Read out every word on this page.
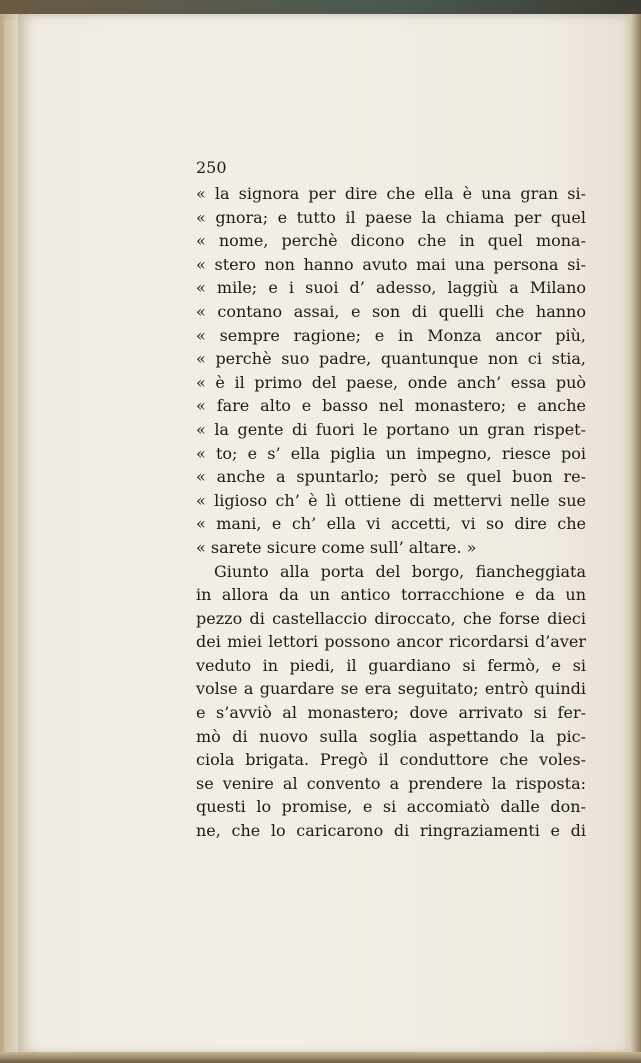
250
« la signora per dire che ella è una gran si-
« gnora; e tutto il paese la chiama per quel
« nome, perchè dicono che in quel mona-
« stero non hanno avuto mai una persona si-
« mile; e i suoi d’ adesso, laggiù a Milano
« contano assai, e son di quelli che hanno
« sempre ragione; e in Monza ancor più,
« perchè suo padre, quantunque non ci stia,
« è il primo del paese, onde anch’ essa può
« fare alto e basso nel monastero; e anche
« la gente di fuori le portano un gran rispet-
« to; e s’ ella piglia un impegno, riesce poi
« anche a spuntarlo; però se quel buon re-
« ligioso ch’ è lì ottiene di mettervi nelle sue
« mani, e ch’ ella vi accetti, vi so dire che
« sarete sicure come sull’ altare. »
Giunto alla porta del borgo, fiancheggiata
in allora da un antico torracchione e da un
pezzo di castellaccio diroccato, che forse dieci
dei miei lettori possono ancor ricordarsi d’aver
veduto in piedi, il guardiano si fermò, e si
volse a guardare se era seguitato; entrò quindi
e s’avviò al monastero; dove arrivato si fer-
mò di nuovo sulla soglia aspettando la pic-
ciola brigata. Pregò il conduttore che voles-
se venire al convento a prendere la risposta:
questi lo promise, e si accomiatò dalle don-
ne, che lo caricarono di ringraziamenti e di
